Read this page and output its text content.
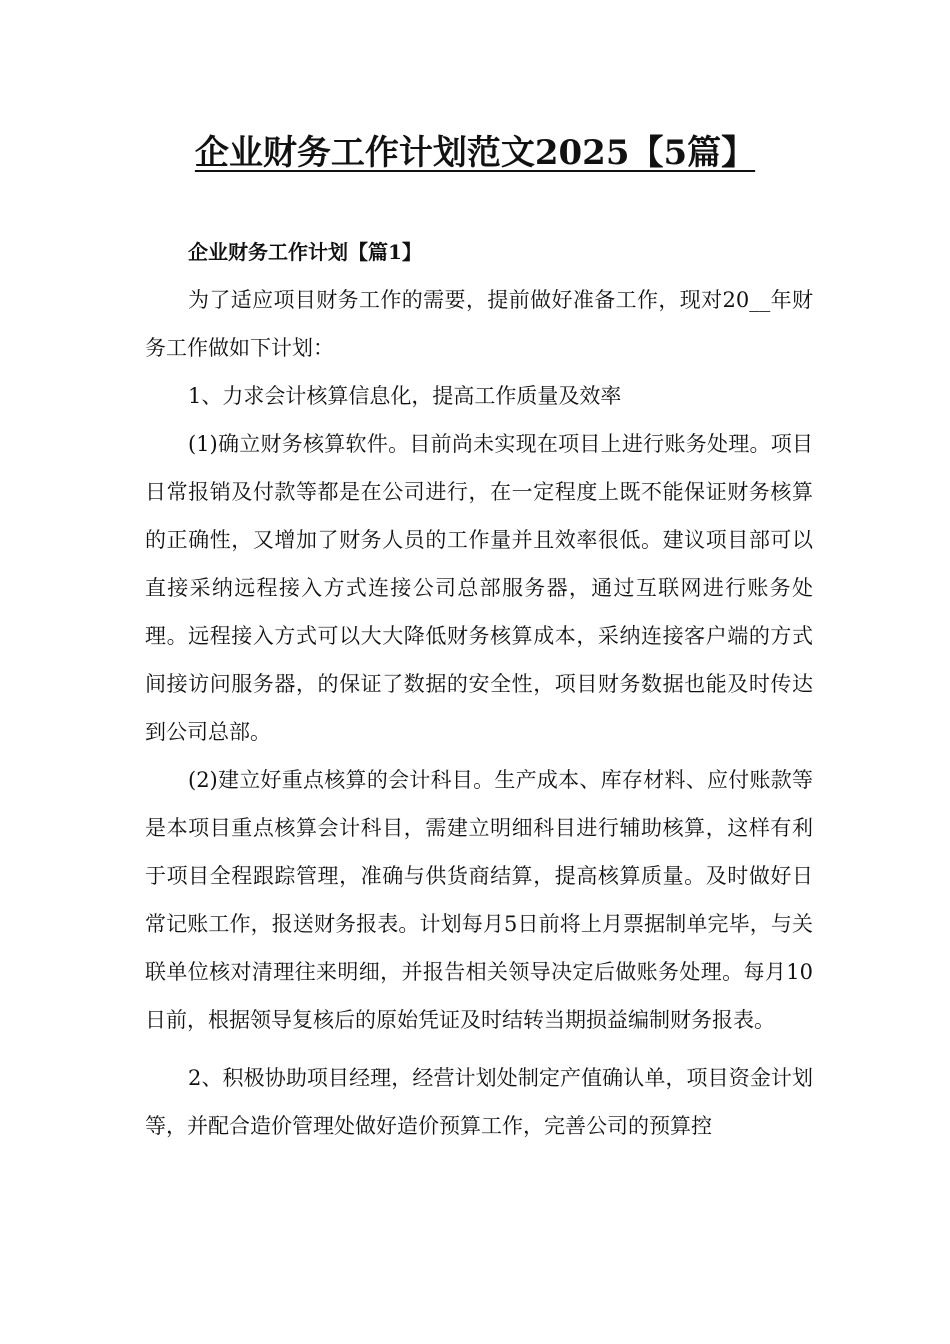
企业财务工作计划范文2025【5篇】

企业财务工作计划【篇1】

为了适应项目财务工作的需要，提前做好准备工作，现对20__年财务工作做如下计划：

1、力求会计核算信息化，提高工作质量及效率

(1)确立财务核算软件。目前尚未实现在项目上进行账务处理。项目日常报销及付款等都是在公司进行，在一定程度上既不能保证财务核算的正确性，又增加了财务人员的工作量并且效率很低。建议项目部可以直接采纳远程接入方式连接公司总部服务器，通过互联网进行账务处理。远程接入方式可以大大降低财务核算成本，采纳连接客户端的方式间接访问服务器，的保证了数据的安全性，项目财务数据也能及时传达到公司总部。

(2)建立好重点核算的会计科目。生产成本、库存材料、应付账款等是本项目重点核算会计科目，需建立明细科目进行辅助核算，这样有利于项目全程跟踪管理，准确与供货商结算，提高核算质量。及时做好日常记账工作，报送财务报表。计划每月5日前将上月票据制单完毕，与关联单位核对清理往来明细，并报告相关领导决定后做账务处理。每月10日前，根据领导复核后的原始凭证及时结转当期损益编制财务报表。

2、积极协助项目经理，经营计划处制定产值确认单，项目资金计划等，并配合造价管理处做好造价预算工作，完善公司的预算控
